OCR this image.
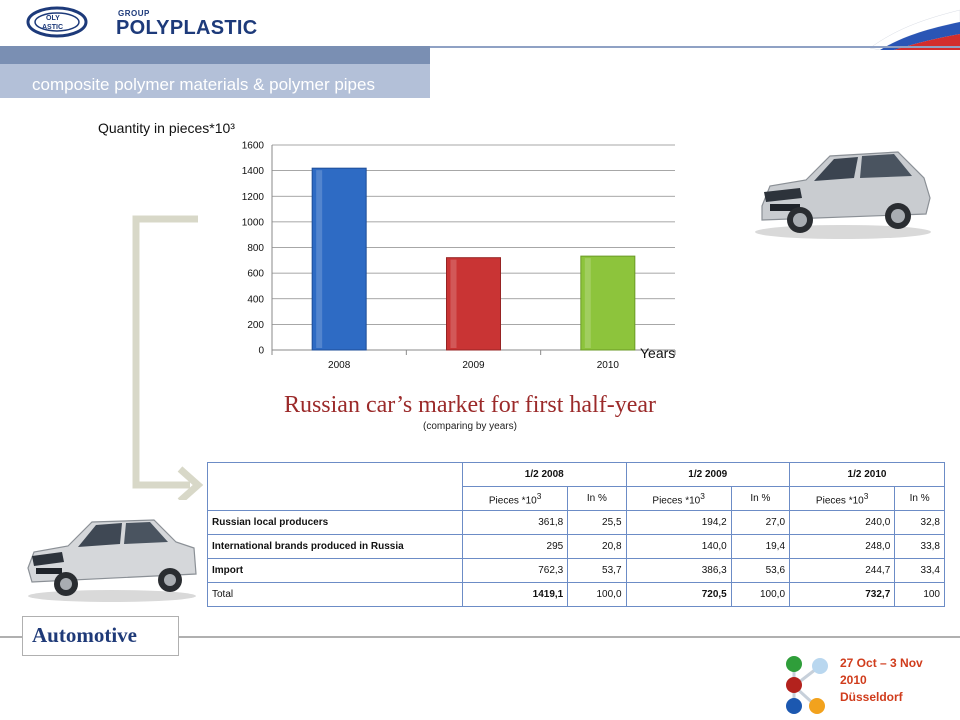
OLY
ASTIC
GROUP
POLYPLASTIC
composite polymer materials & polymer pipes
Quantity in pieces*10³
0
200
400
600
800
1000
1200
1400
1600
2008	2009	2010
Years
Russian car’s market for first half-year
(comparing by years)
	1/2 2008		1/2 2009		1/2 2010	
	Pieces $*10^3$	In %	Pieces $*10^3$	In %	Pieces $*10^3$	In %
Russian local producers	361,8	25,5	194,2	27,0	240,0	32,8
International brands produced in Russia	295	20,8	140,0	19,4	248,0	33,8
Import	762,3	53,7	386,3	53,6	244,7	33,4
Total	1419,1	100,0	720,5	100,0	732,7	100
Automotive
27 Oct – 3 Nov
2010
Düsseldorf
